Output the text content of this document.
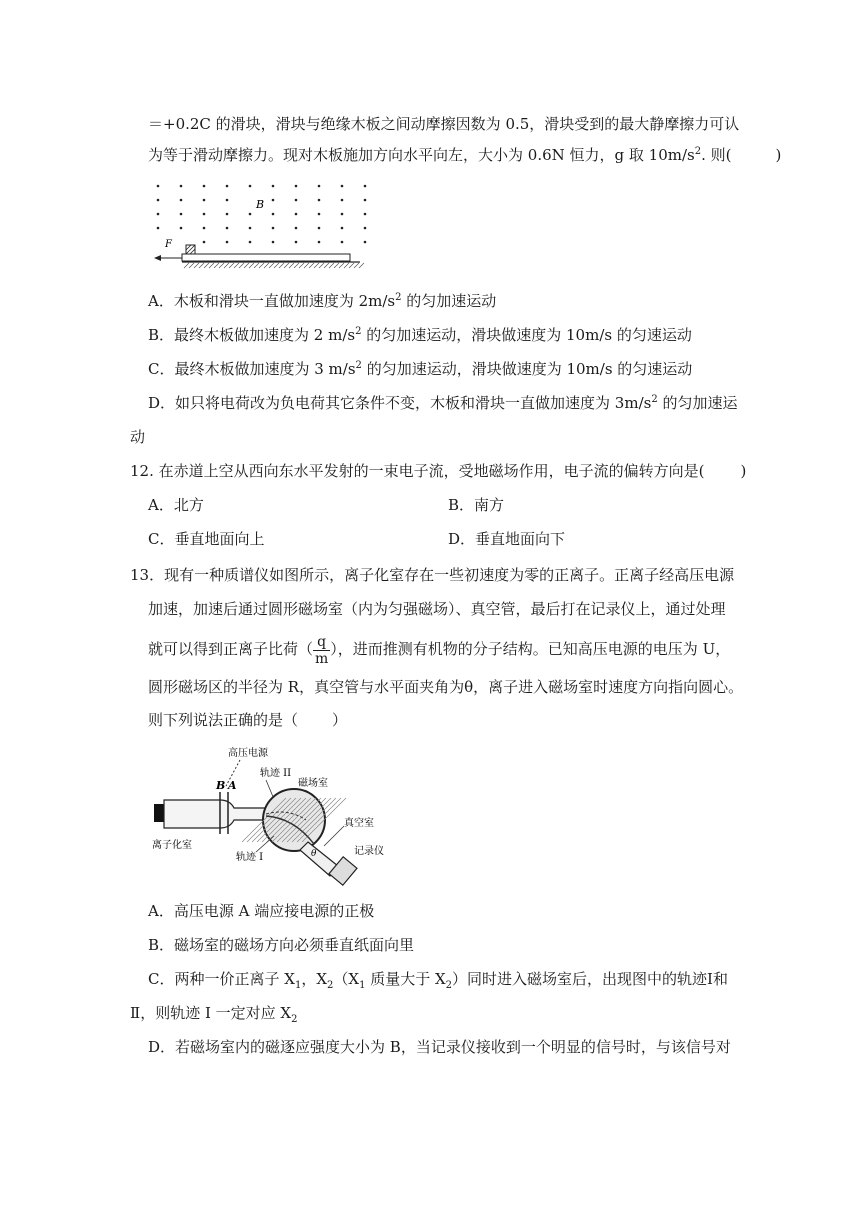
＝+0.2C 的滑块，滑块与绝缘木板之间动摩擦因数为 0.5，滑块受到的最大静摩擦力可认
为等于滑动摩擦力。现对木板施加方向水平向左，大小为 0.6N 恒力，g 取 $10m/s^2$. 则(	)
B
F
A．木板和滑块一直做加速度为 $2m/s^2$ 的匀加速运动
B．最终木板做加速度为 2 $m/s^2$ 的匀加速运动，滑块做速度为 10m/s 的匀速运动
C．最终木板做加速度为 3 $m/s^2$ 的匀加速运动，滑块做速度为 10m/s 的匀速运动
D．如只将电荷改为负电荷其它条件不变，木板和滑块一直做加速度为 $3m/s^2$ 的匀加速运
动
12. 在赤道上空从西向东水平发射的一束电子流，受地磁场作用，电子流的偏转方向是( )
A．北方	B．南方
C．垂直地面向上	D．垂直地面向下
13．现有一种质谱仪如图所示，离子化室存在一些初速度为零的正离子。正离子经高压电源
加速，加速后通过圆形磁场室（内为匀强磁场）、真空管，最后打在记录仪上，通过处理
就可以得到正离子比荷（ $\frac{q}{m}$ ），进而推测有机物的分子结构。已知高压电源的电压为 U，
圆形磁场区的半径为 R，真空管与水平面夹角为θ，离子进入磁场室时速度方向指向圆心。
则下列说法正确的是（ ）
高压电源
轨迹 II
磁场室
B A
θ
真空室
记录仪
离子化室
轨迹 I
A．高压电源 A 端应接电源的正极
B．磁场室的磁场方向必须垂直纸面向里
C．两种一价正离子 $X_1$，$X_2(X_1$ 质量大于 $X_2$）同时进入磁场室后，出现图中的轨迹Ⅰ和
Ⅱ，则轨迹 I 一定对应 $X_2$
D．若磁场室内的磁逐应强度大小为 B，当记录仪接收到一个明显的信号时，与该信号对
